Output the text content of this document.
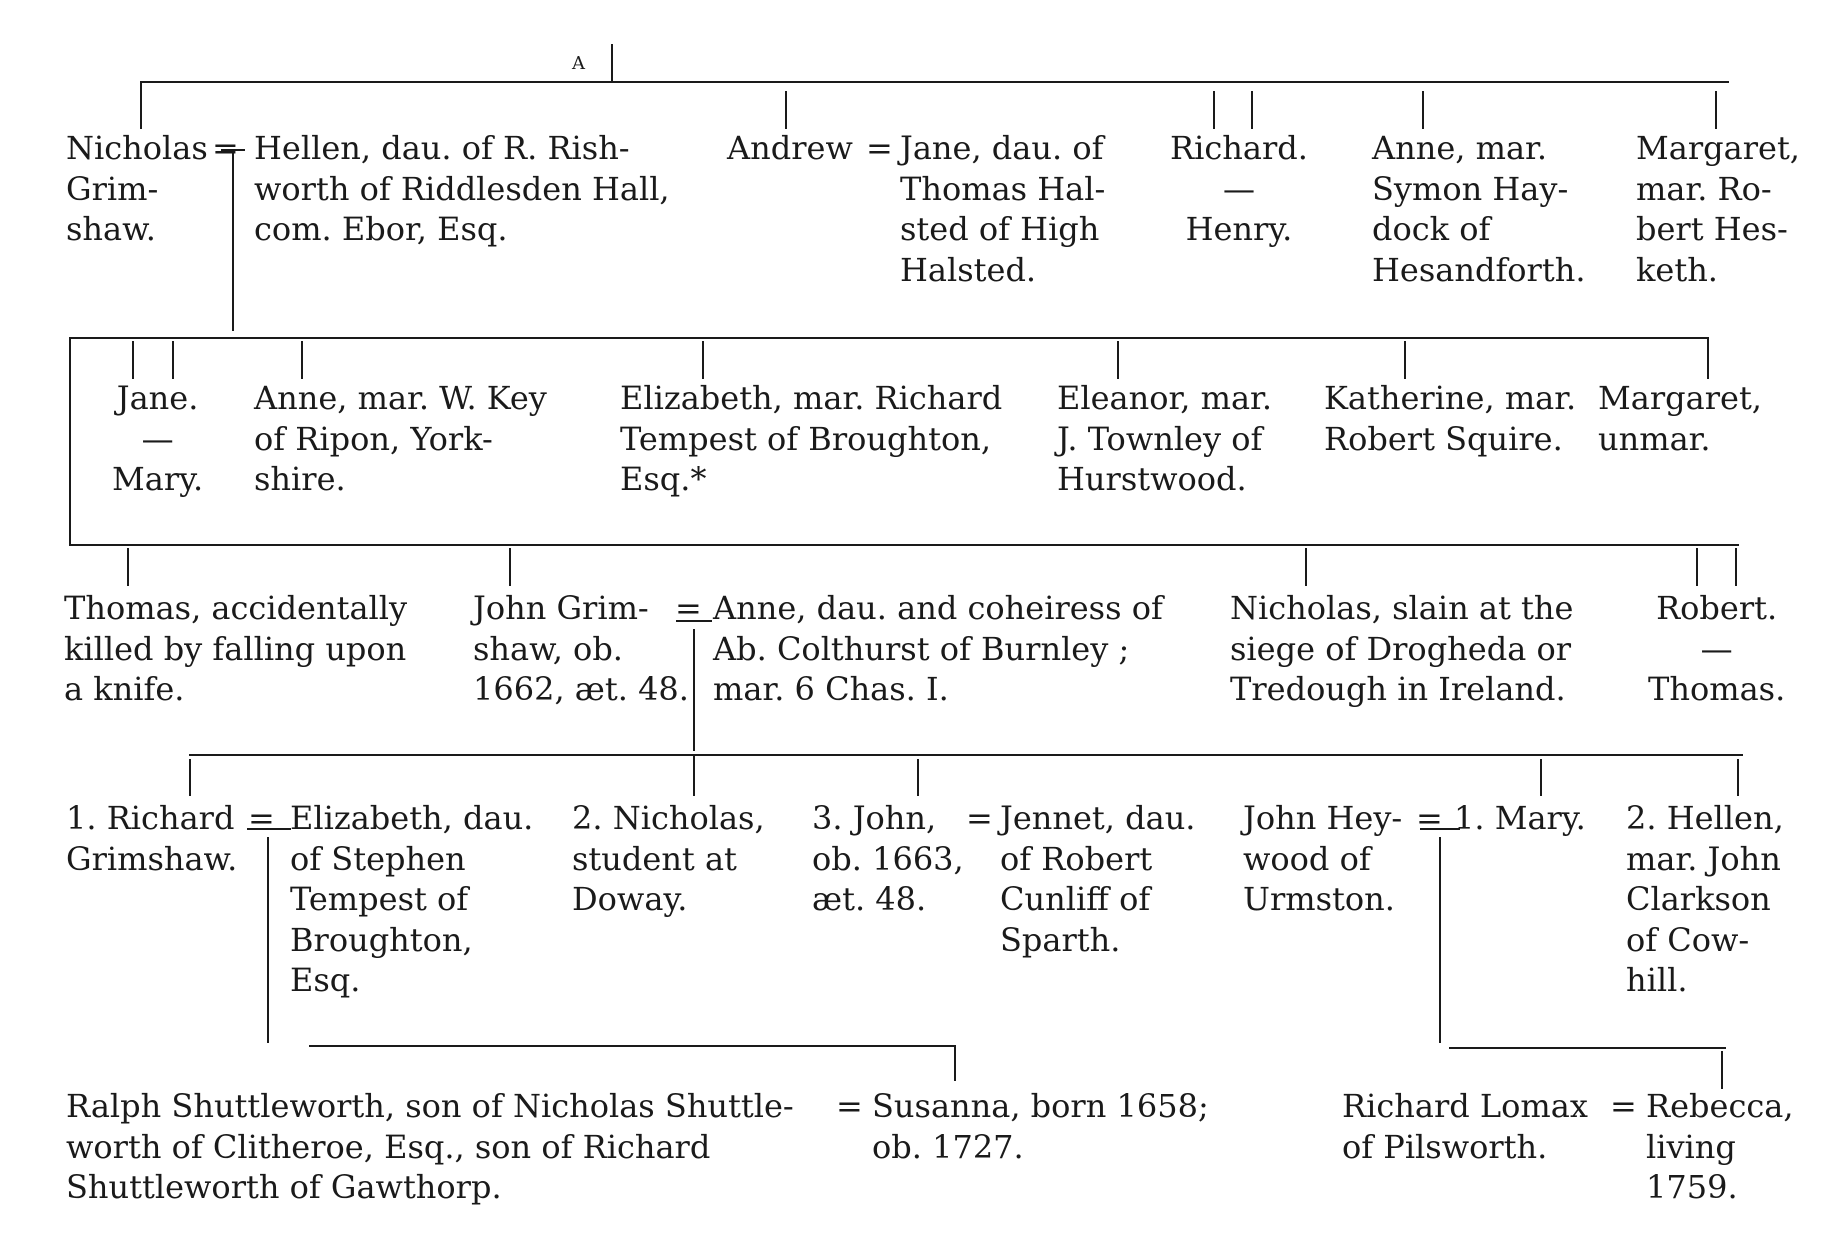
A
Nicholas
Grim-
shaw.
= Hellen, dau. of R. Rish-
worth of Riddlesden Hall,
com. Ebor, Esq.
Andrew = Jane, dau. of
Thomas Hal-
sted of High
Halsted.
Richard.
—
Henry.
Anne, mar.
Symon Hay-
dock of
Hesandforth.
Margaret,
mar. Ro-
bert Hes-
keth.
Jane.
—
Mary.
Anne, mar. W. Key
of Ripon, York-
shire.
Elizabeth, mar. Richard
Tempest of Broughton,
Esq.*
Eleanor, mar.
J. Townley of
Hurstwood.
Katherine, mar.
Robert Squire.
Margaret,
unmar.
Thomas, accidentally
killed by falling upon
a knife.
John Grim-
shaw, ob.
1662, æt. 48.
= Anne, dau. and coheiress of
Ab. Colthurst of Burnley ;
mar. 6 Chas. I.
Nicholas, slain at the
siege of Drogheda or
Tredough in Ireland.
Robert.
—
Thomas.
1. Richard
Grimshaw.
= Elizabeth, dau.
of Stephen
Tempest of
Broughton,
Esq.
2. Nicholas,
student at
Doway.
3. John,
ob. 1663,
æt. 48.
= Jennet, dau.
of Robert
Cunliff of
Sparth.
John Hey-
wood of
Urmston.
= 1. Mary. 2. Hellen,
mar. John
Clarkson
of Cow-
hill.
Ralph Shuttleworth, son of Nicholas Shuttle-
worth of Clitheroe, Esq., son of Richard
Shuttleworth of Gawthorp.
= Susanna, born 1658;
ob. 1727.
Richard Lomax
of Pilsworth.
= Rebecca,
living
1759.
